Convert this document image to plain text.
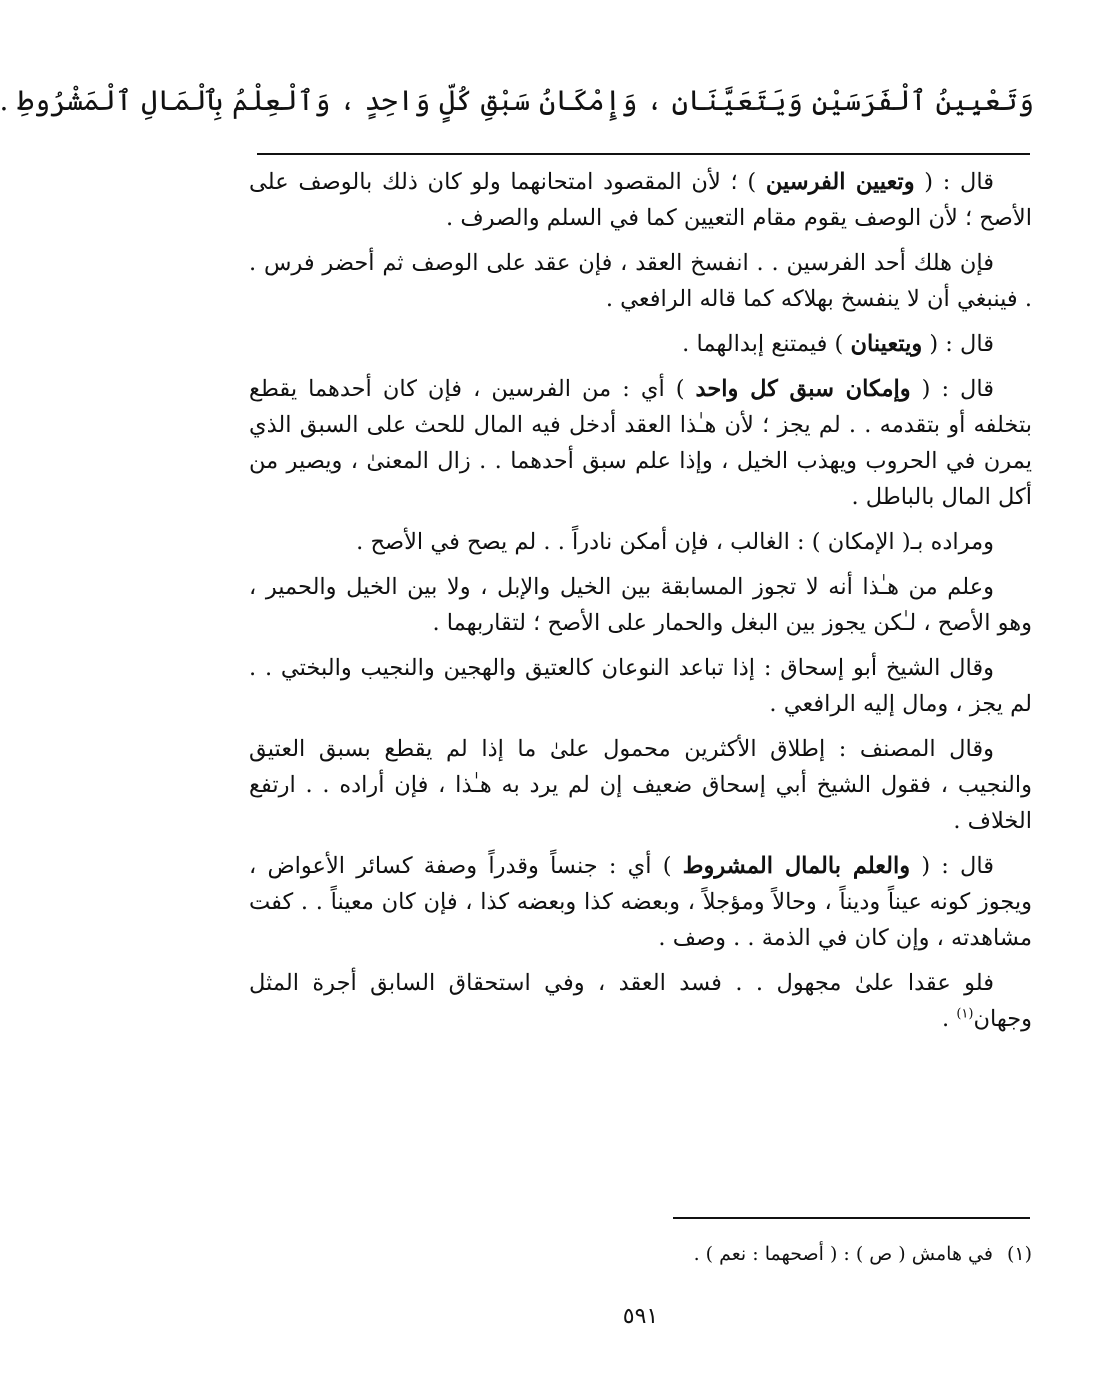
وَتَعْيِينُ ٱلْفَرَسَيْنِ وَيَتَعَيَّنَانِ ، وَإِمْكَانُ سَبْقِ كُلٍّ وَاحِدٍ ، وَٱلْعِلْمُ بِٱلْمَالِ ٱلْمَشْرُوطِ .

قال : ( وتعيين الفرسين ) ؛ لأن المقصود امتحانهما ولو كان ذلك بالوصف على الأصح ؛ لأن الوصف يقوم مقام التعيين كما في السلم والصرف .

فإن هلك أحد الفرسين . . انفسخ العقد ، فإن عقد على الوصف ثم أحضر فرس . . فينبغي أن لا ينفسخ بهلاكه كما قاله الرافعي .

قال : ( ويتعينان ) فيمتنع إبدالهما .

قال : ( وإمكان سبق كل واحد ) أي : من الفرسين ، فإن كان أحدهما يقطع بتخلفه أو بتقدمه . . لم يجز ؛ لأن هـٰذا العقد أدخل فيه المال للحث على السبق الذي يمرن في الحروب ويهذب الخيل ، وإذا علم سبق أحدهما . . زال المعنىٰ ، ويصير من أكل المال بالباطل .

ومراده بـ( الإمكان ) : الغالب ، فإن أمكن نادراً . . لم يصح في الأصح .

وعلم من هـٰذا أنه لا تجوز المسابقة بين الخيل والإبل ، ولا بين الخيل والحمير ، وهو الأصح ، لـٰكن يجوز بين البغل والحمار على الأصح ؛ لتقاربهما .

وقال الشيخ أبو إسحاق : إذا تباعد النوعان كالعتيق والهجين والنجيب والبختي . . لم يجز ، ومال إليه الرافعي .

وقال المصنف : إطلاق الأكثرين محمول علىٰ ما إذا لم يقطع بسبق العتيق والنجيب ، فقول الشيخ أبي إسحاق ضعيف إن لم يرد به هـٰذا ، فإن أراده . . ارتفع الخلاف .

قال : ( والعلم بالمال المشروط ) أي : جنساً وقدراً وصفة كسائر الأعواض ، ويجوز كونه عيناً وديناً ، وحالاً ومؤجلاً ، وبعضه كذا وبعضه كذا ، فإن كان معيناً . . كفت مشاهدته ، وإن كان في الذمة . . وصف .

فلو عقدا علىٰ مجهول . . فسد العقد ، وفي استحقاق السابق أجرة المثل وجهان$^{(١)}$ .

(١)في هامش ( ص ) : ( أصحهما : نعم ) .
٥٩١
